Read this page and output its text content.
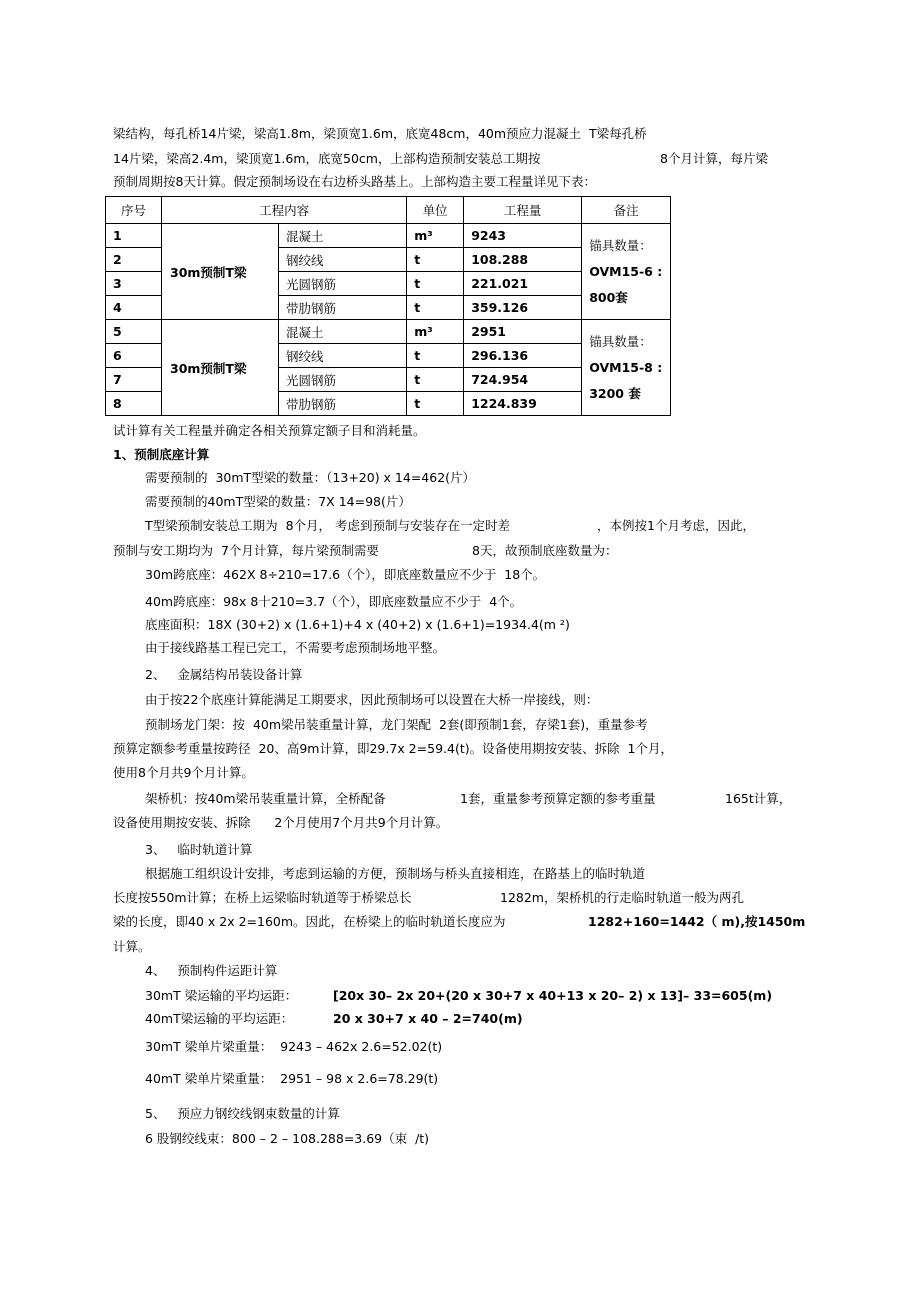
梁结构，每孔桥14片梁，梁高1.8m，梁顶宽1.6m，底宽48cm，40m预应力混凝土  T梁每孔桥
14片梁，梁高2.4m，梁顶宽1.6m，底宽50cm，上部构造预制安装总工期按	8个月计算，每片梁
预制周期按8天计算。假定预制场设在右边桥头路基上。上部构造主要工程量详见下表：
序号	工程内容		单位	工程量	备注
1	30m预制T梁	混凝土	m³	9243	锚具数量：
OVM15-6 :
800套

2		钢绞线	t	108.288	
3		光圆钢筋	t	221.021	
4		带肋钢筋	t	359.126	
5	30m预制T梁	混凝土	m³	2951	锚具数量：
OVM15-8 :
3200 套

6		钢绞线	t	296.136	
7		光圆钢筋	t	724.954	
8		带肋钢筋	t	1224.839	
试计算有关工程量并确定各相关预算定额子目和消耗量。
1、预制底座计算
需要预制的  30mT型梁的数量：（13+20) x 14=462(片）
需要预制的40mT型梁的数量：7X 14=98(片）
T型梁预制安装总工期为  8个月， 考虑到预制与安装存在一定时差	，本例按1个月考虑，因此，
预制与安工期均为  7个月计算，每片梁预制需要	8天，故预制底座数量为：
30m跨底座：462X 8÷210=17.6（个），即底座数量应不少于  18个。
40m跨底座：98x 8十210=3.7（个），即底座数量应不少于  4个。
底座面积：18X (30+2) x (1.6+1)+4 x (40+2) x (1.6+1)=1934.4(m ²)
由于接线路基工程已完工，不需要考虑预制场地平整。
2、   金属结构吊装设备计算
由于按22个底座计算能满足工期要求，因此预制场可以设置在大桥一岸接线，则：
预制场龙门架：按  40m梁吊装重量计算，龙门架配  2套(即预制1套，存梁1套)，重量参考
预算定额参考重量按跨径  20、高9m计算，即29.7x 2=59.4(t)。设备使用期按安装、拆除  1个月，
使用8个月共9个月计算。
架桥机：按40m梁吊装重量计算，全桥配备	1套，重量参考预算定额的参考重量	165t计算，
设备使用期按安装、拆除      2个月使用7个月共9个月计算。
3、   临时轨道计算
根据施工组织设计安排，考虑到运输的方便，预制场与桥头直接相连，在路基上的临时轨道
长度按550m计算；在桥上运梁临时轨道等于桥梁总长	1282m，架桥机的行走临时轨道一般为两孔
梁的长度，即40 x 2x 2=160m。因此，在桥梁上的临时轨道长度应为	1282+160=1442（ m),按1450m
计算。
4、   预制构件运距计算
30mT 梁运输的平均运距：	[20x 30– 2x 20+(20 x 30+7 x 40+13 x 20– 2) x 13]– 33=605(m)
40mT梁运输的平均运距：	20 x 30+7 x 40 – 2=740(m)
30mT 梁单片梁重量：  9243 – 462x 2.6=52.02(t)
40mT 梁单片梁重量：  2951 – 98 x 2.6=78.29(t)
5、   预应力钢绞线钢束数量的计算
6 股钢绞线束：800 – 2 – 108.288=3.69（束  /t)
